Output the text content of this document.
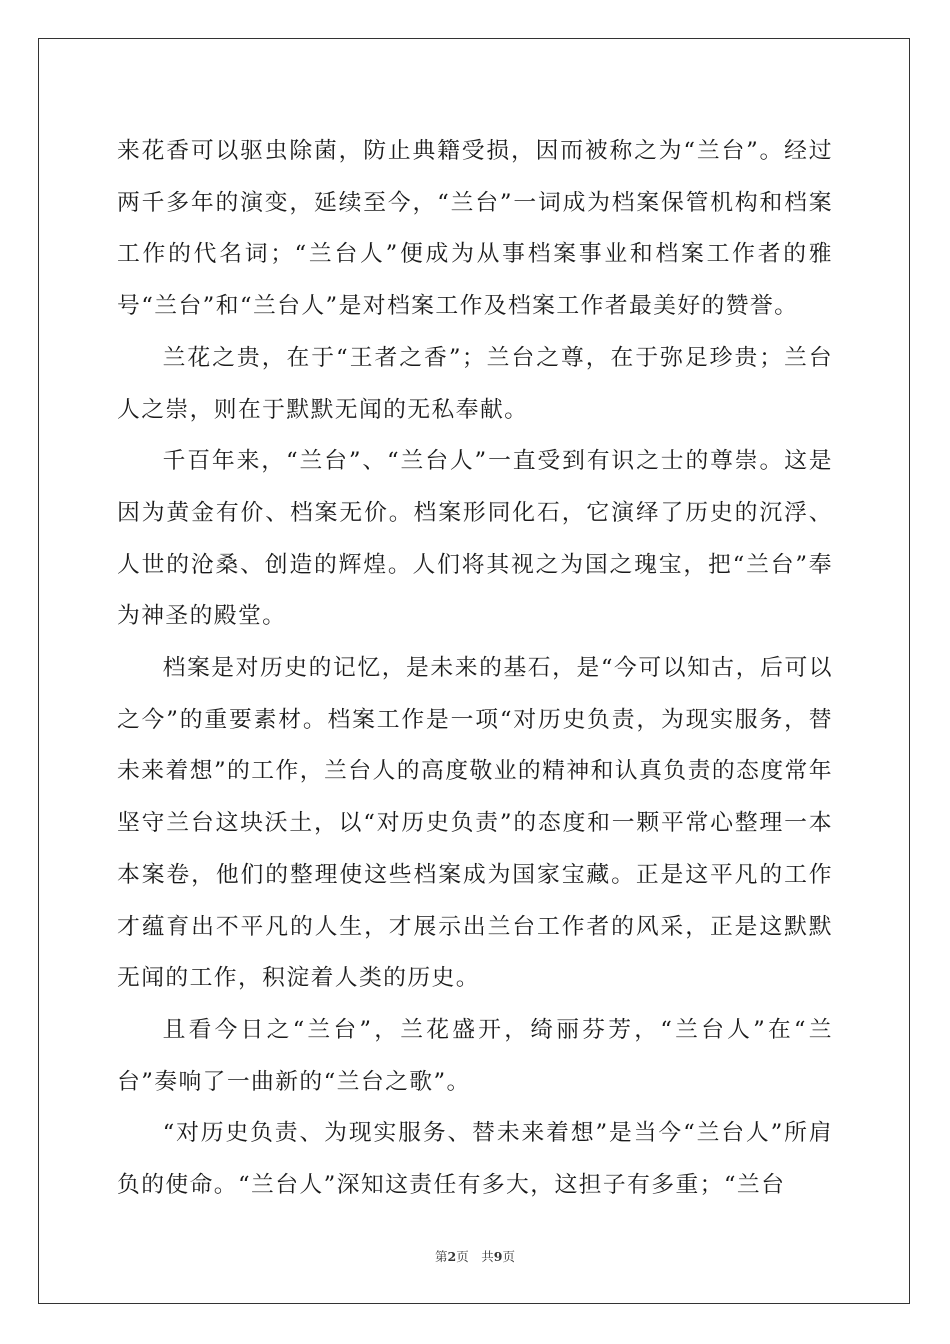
来花香可以驱虫除菌，防止典籍受损，因而被称之为“兰台”。经过两千多年的演变，延续至今，“兰台”一词成为档案保管机构和档案工作的代名词；“兰台人”便成为从事档案事业和档案工作者的雅号“兰台”和“兰台人”是对档案工作及档案工作者最美好的赞誉。

兰花之贵，在于“王者之香”；兰台之尊，在于弥足珍贵；兰台人之崇，则在于默默无闻的无私奉献。

千百年来，“兰台”、“兰台人”一直受到有识之士的尊崇。这是因为黄金有价、档案无价。档案形同化石，它演绎了历史的沉浮、人世的沧桑、创造的辉煌。人们将其视之为国之瑰宝，把“兰台”奉为神圣的殿堂。

档案是对历史的记忆，是未来的基石，是“今可以知古，后可以之今”的重要素材。档案工作是一项“对历史负责，为现实服务，替未来着想”的工作，兰台人的高度敬业的精神和认真负责的态度常年坚守兰台这块沃土，以“对历史负责”的态度和一颗平常心整理一本本案卷，他们的整理使这些档案成为国家宝藏。正是这平凡的工作才蕴育出不平凡的人生，才展示出兰台工作者的风采，正是这默默无闻的工作，积淀着人类的历史。

且看今日之“兰台”，兰花盛开，绮丽芬芳，“兰台人”在“兰台”奏响了一曲新的“兰台之歌”。

“对历史负责、为现实服务、替未来着想”是当今“兰台人”所肩负的使命。“兰台人”深知这责任有多大，这担子有多重；“兰台

第2页　共9页
